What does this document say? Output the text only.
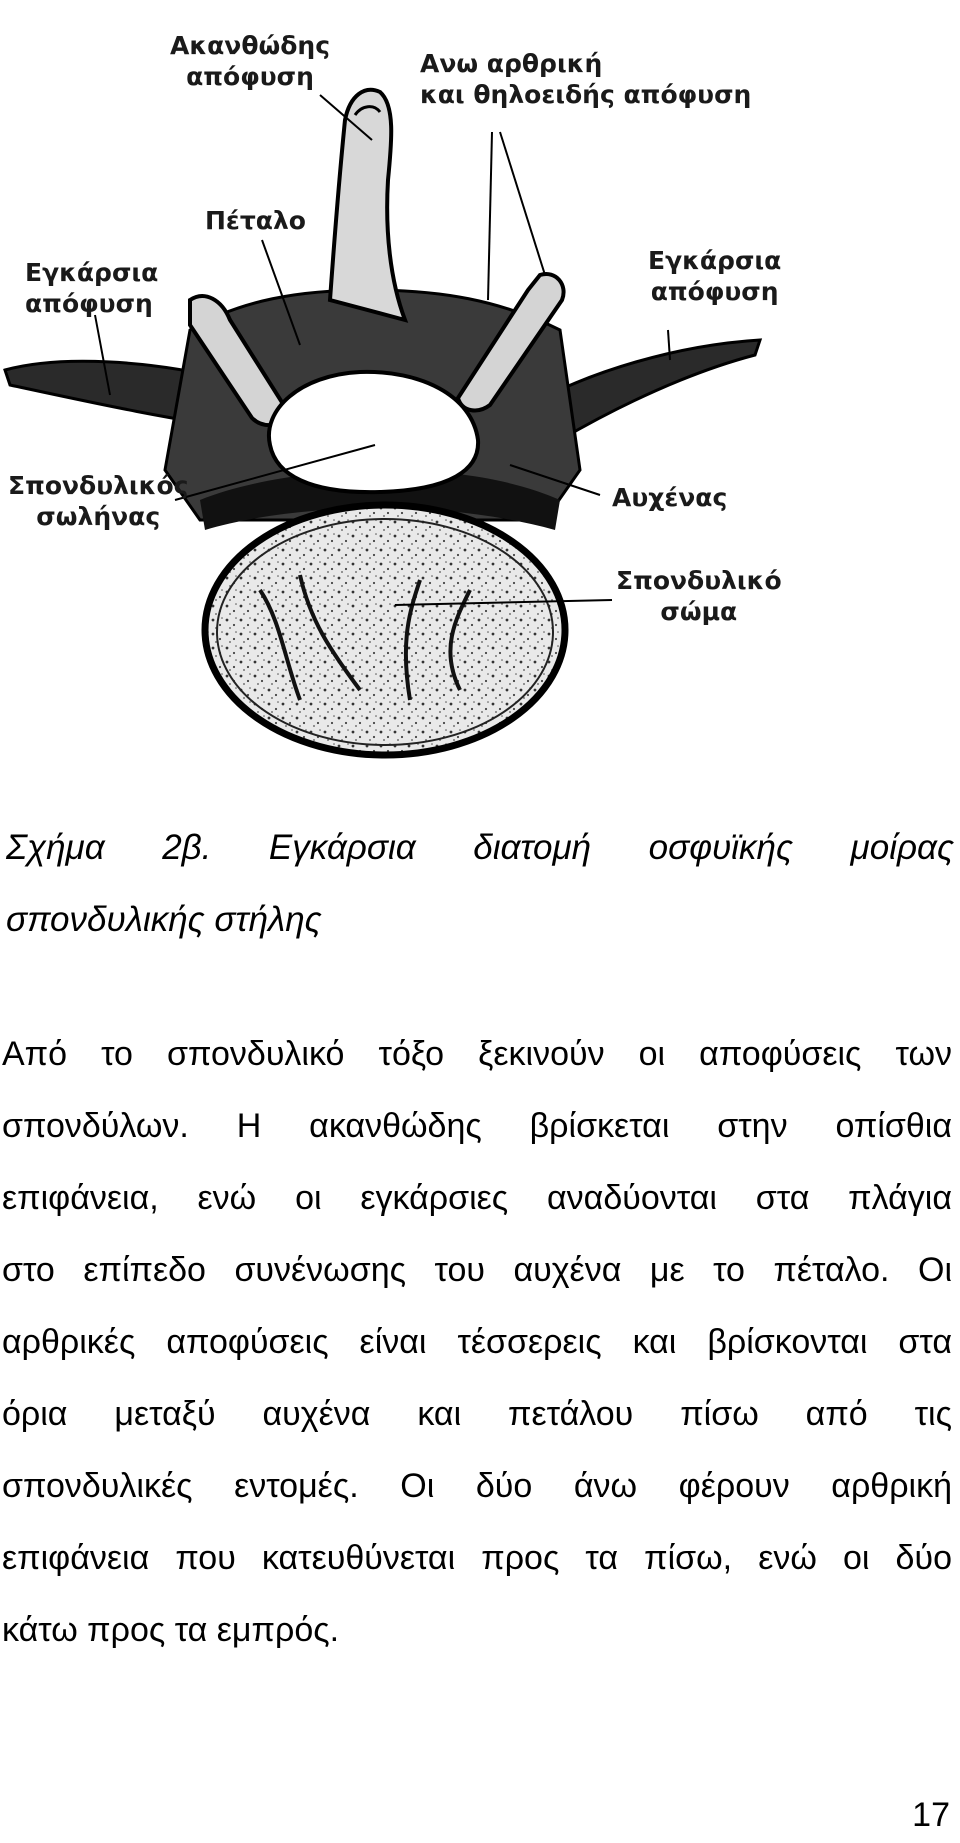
Ακανθώδης
απόφυση	Ανω αρθρική
και θηλοειδής απόφυση
Πέταλο
Εγκάρσια
απόφυση
Εγκάρσια
απόφυση
Σπονδυλικός
σωλήνας
Αυχένας
Σπονδυλικό
σώμα
Σχήμα 2β. Εγκάρσια διατομή οσφυϊκής μοίρας
σπονδυλικής στήλης
Από το σπονδυλικό τόξο ξεκινούν οι αποφύσεις των
σπονδύλων. Η ακανθώδης βρίσκεται στην οπίσθια
επιφάνεια, ενώ οι εγκάρσιες αναδύονται στα πλάγια
στο επίπεδο συνένωσης του αυχένα με το πέταλο. Οι
αρθρικές αποφύσεις είναι τέσσερεις και βρίσκονται στα
όρια μεταξύ αυχένα και πετάλου πίσω από τις
σπονδυλικές εντομές. Οι δύο άνω φέρουν αρθρική
επιφάνεια που κατευθύνεται προς τα πίσω, ενώ οι δύο
κάτω προς τα εμπρός.
17
